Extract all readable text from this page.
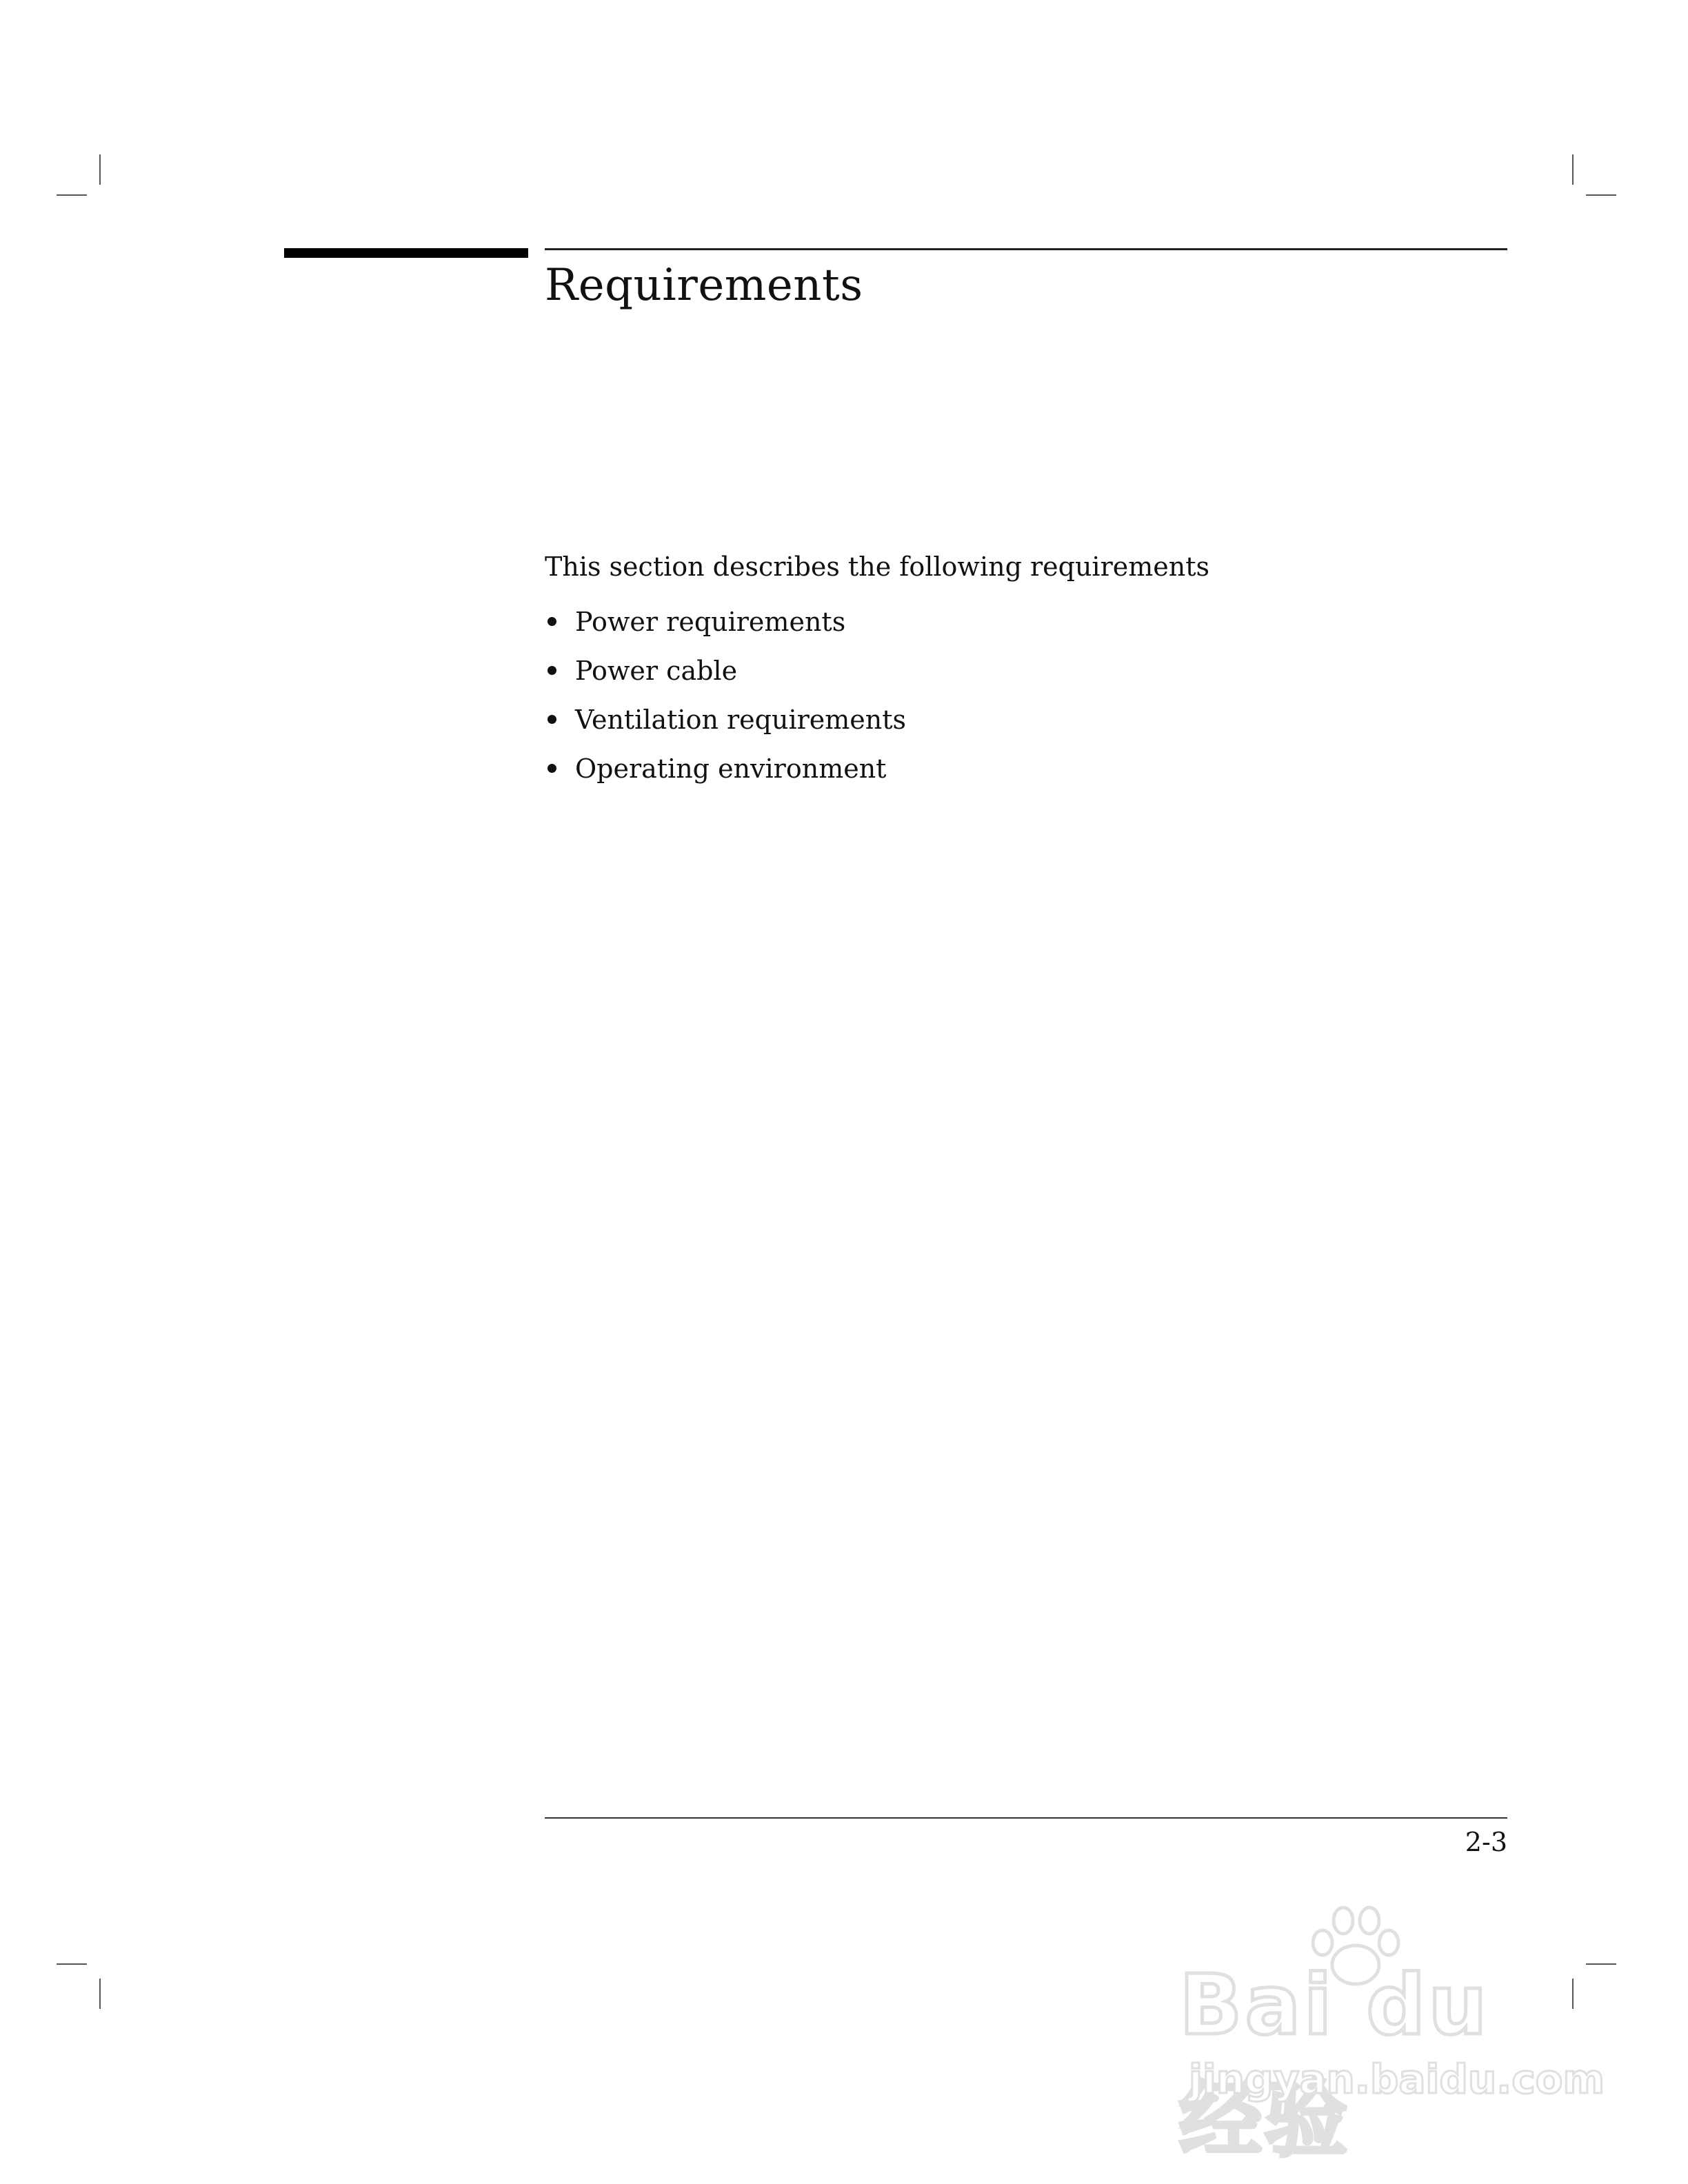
Requirements

This section describes the following requirements

Power requirements
Power cable
Ventilation requirements
Operating environment

2-3

Bai du 经验
jingyan.baidu.com
